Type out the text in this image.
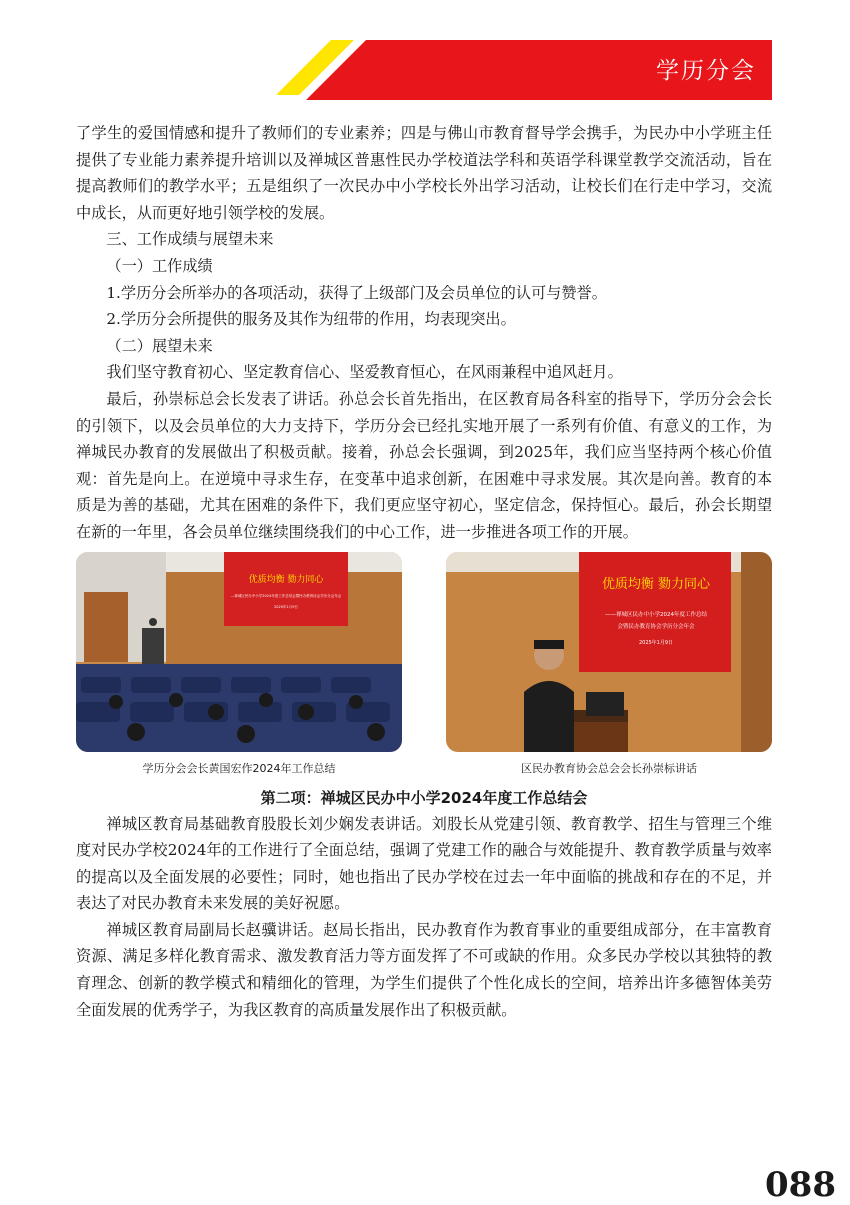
学历分会

了学生的爱国情感和提升了教师们的专业素养；四是与佛山市教育督导学会携手，为民办中小学班主任提供了专业能力素养提升培训以及禅城区普惠性民办学校道法学科和英语学科课堂教学交流活动，旨在提高教师们的教学水平；五是组织了一次民办中小学校长外出学习活动，让校长们在行走中学习，交流中成长，从而更好地引领学校的发展。

三、工作成绩与展望未来

（一）工作成绩

1.学历分会所举办的各项活动，获得了上级部门及会员单位的认可与赞誉。

2.学历分会所提供的服务及其作为纽带的作用，均表现突出。

（二）展望未来

我们坚守教育初心、坚定教育信心、坚爱教育恒心，在风雨兼程中追风赶月。

最后，孙崇标总会长发表了讲话。孙总会长首先指出，在区教育局各科室的指导下，学历分会会长的引领下，以及会员单位的大力支持下，学历分会已经扎实地开展了一系列有价值、有意义的工作，为禅城民办教育的发展做出了积极贡献。接着，孙总会长强调，到2025年，我们应当坚持两个核心价值观：首先是向上。在逆境中寻求生存，在变革中追求创新，在困难中寻求发展。其次是向善。教育的本质是为善的基础，尤其在困难的条件下，我们更应坚守初心，坚定信念，保持恒心。最后，孙会长期望在新的一年里，各会员单位继续围绕我们的中心工作，进一步推进各项工作的开展。

优质均衡 勠力同心
—禅城区民办中小学2024年度工作总结会暨民办教育协会学历分会年会
2025年1月9日
学历分会会长黄国宏作2024年工作总结
优质均衡 勠力同心
——禅城区民办中小学2024年度工作总结
会暨民办教育协会学历分会年会
2025年1月9日
区民办教育协会总会会长孙崇标讲话
第二项：禅城区民办中小学2024年度工作总结会

禅城区教育局基础教育股股长刘少娴发表讲话。刘股长从党建引领、教育教学、招生与管理三个维度对民办学校2024年的工作进行了全面总结，强调了党建工作的融合与效能提升、教育教学质量与效率的提高以及全面发展的必要性；同时，她也指出了民办学校在过去一年中面临的挑战和存在的不足，并表达了对民办教育未来发展的美好祝愿。

禅城区教育局副局长赵骥讲话。赵局长指出，民办教育作为教育事业的重要组成部分，在丰富教育资源、满足多样化教育需求、激发教育活力等方面发挥了不可或缺的作用。众多民办学校以其独特的教育理念、创新的教学模式和精细化的管理，为学生们提供了个性化成长的空间，培养出许多德智体美劳全面发展的优秀学子，为我区教育的高质量发展作出了积极贡献。

088
